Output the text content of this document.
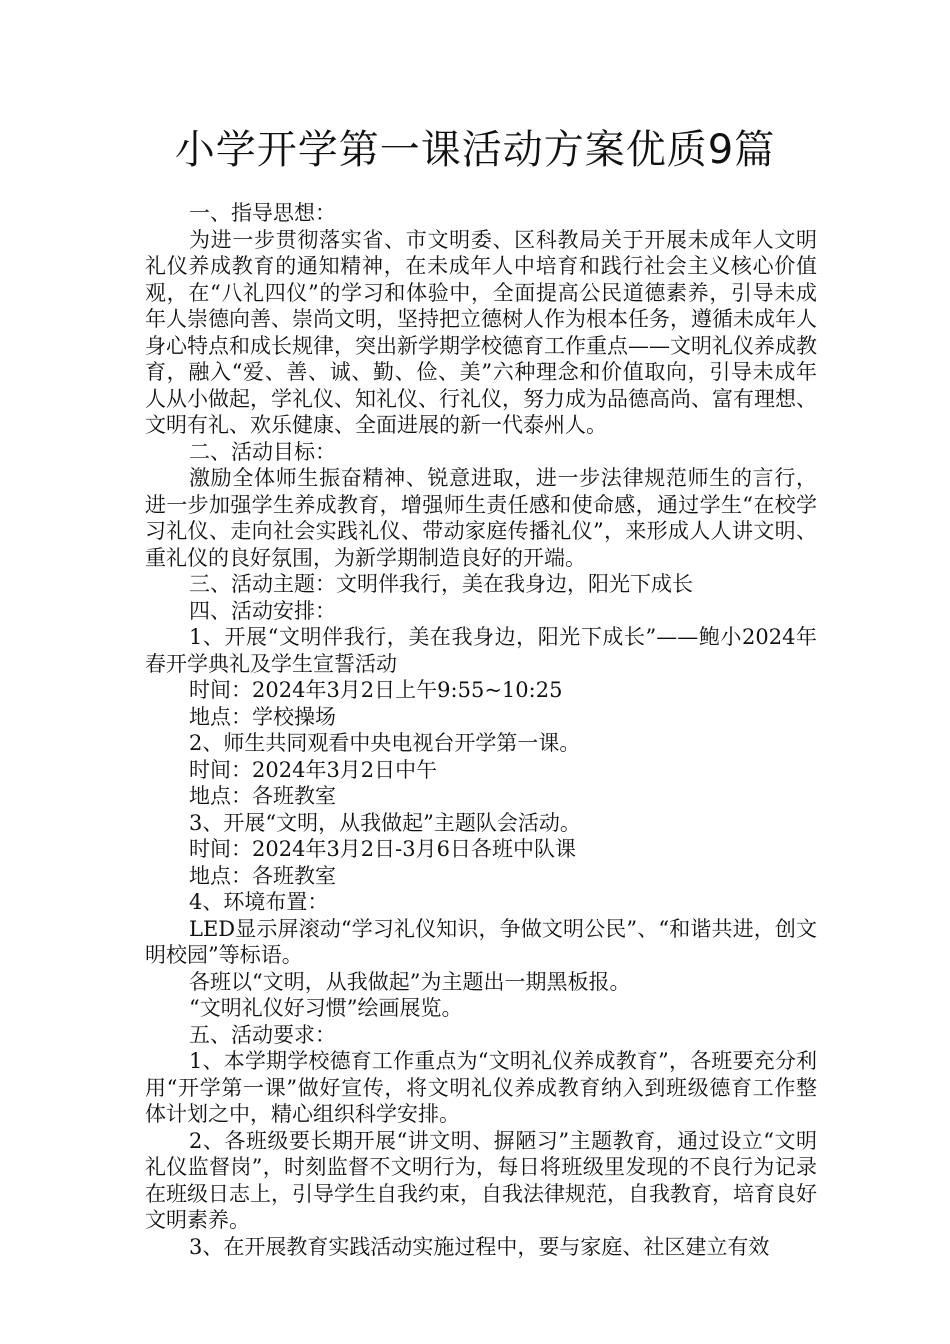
小学开学第一课活动方案优质9篇

一、指导思想：

为进一步贯彻落实省、市文明委、区科教局关于开展未成年人文明礼仪养成教育的通知精神，在未成年人中培育和践行社会主义核心价值观，在“八礼四仪”的学习和体验中，全面提高公民道德素养，引导未成年人崇德向善、崇尚文明，坚持把立德树人作为根本任务，遵循未成年人身心特点和成长规律，突出新学期学校德育工作重点——文明礼仪养成教育，融入“爱、善、诚、勤、俭、美”六种理念和价值取向，引导未成年人从小做起，学礼仪、知礼仪、行礼仪，努力成为品德高尚、富有理想、文明有礼、欢乐健康、全面进展的新一代泰州人。

二、活动目标：

激励全体师生振奋精神、锐意进取，进一步法律规范师生的言行，进一步加强学生养成教育，增强师生责任感和使命感，通过学生“在校学习礼仪、走向社会实践礼仪、带动家庭传播礼仪”，来形成人人讲文明、重礼仪的良好氛围，为新学期制造良好的开端。

三、活动主题：文明伴我行，美在我身边，阳光下成长

四、活动安排：

1、开展“文明伴我行，美在我身边，阳光下成长”——鲍小2024年春开学典礼及学生宣誓活动

时间：2024年3月2日上午9:55~10:25

地点：学校操场

2、师生共同观看中央电视台开学第一课。

时间：2024年3月2日中午

地点：各班教室

3、开展“文明，从我做起”主题队会活动。

时间：2024年3月2日-3月6日各班中队课

地点：各班教室

4、环境布置：

LED显示屏滚动“学习礼仪知识，争做文明公民”、“和谐共进，创文明校园”等标语。

各班以“文明，从我做起”为主题出一期黑板报。

“文明礼仪好习惯”绘画展览。

五、活动要求：

1、本学期学校德育工作重点为“文明礼仪养成教育”，各班要充分利用“开学第一课”做好宣传，将文明礼仪养成教育纳入到班级德育工作整体计划之中，精心组织科学安排。

2、各班级要长期开展“讲文明、摒陋习”主题教育，通过设立“文明礼仪监督岗”，时刻监督不文明行为，每日将班级里发现的不良行为记录在班级日志上，引导学生自我约束，自我法律规范，自我教育，培育良好文明素养。

3、在开展教育实践活动实施过程中，要与家庭、社区建立有效
